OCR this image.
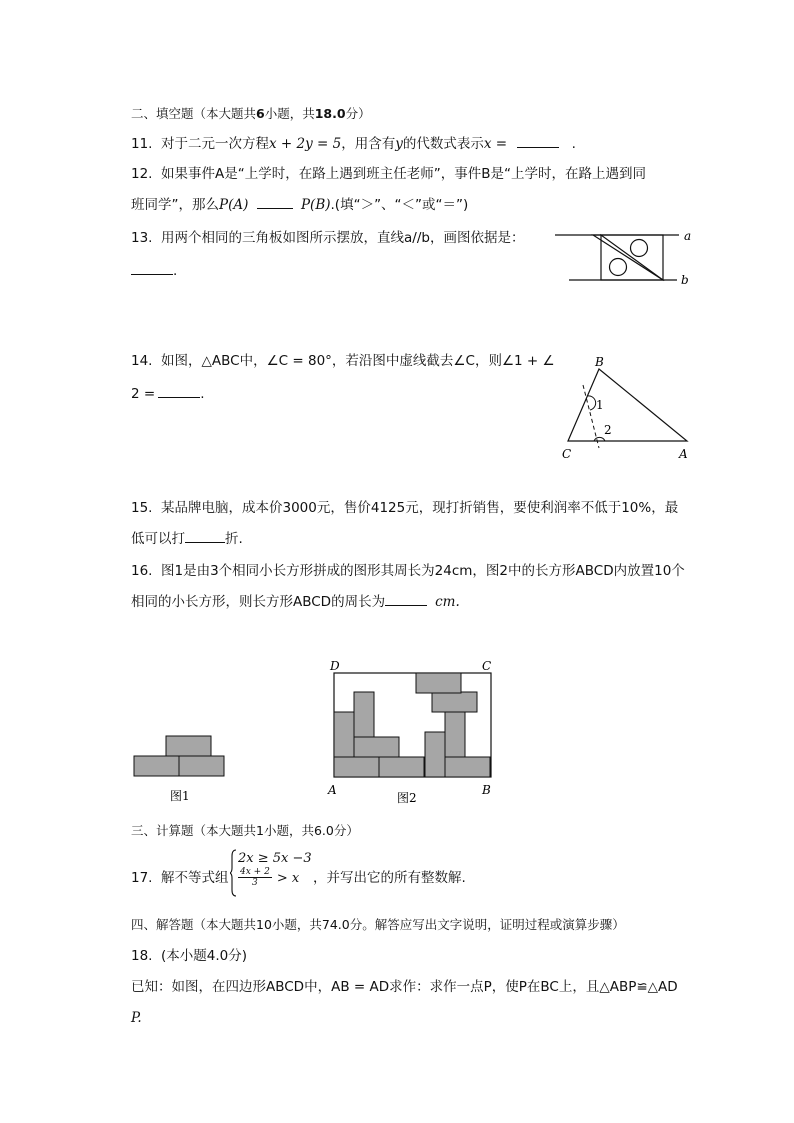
二、填空题（本大题共6小题，共18.0分）
11. 对于二元一次方程x + 2y = 5，用含有y的代数式表示x =	.
12. 如果事件A是“上学时，在路上遇到班主任老师”，事件B是“上学时，在路上遇到同
班同学”，那么P(A)	P(B).(填“＞”、“＜”或“＝”)
13. 用两个相同的三角板如图所示摆放，直线a//b，画图依据是：
.
a
b
14. 如图，△ABC中，∠C = 80°，若沿图中虚线截去∠C，则∠1 + ∠
2 =	.
B
C	A
1
2
15. 某品牌电脑，成本价3000元，售价4125元，现打折销售，要使利润率不低于10%，最
低可以打	折.
16. 图1是由3个相同小长方形拼成的图形其周长为24cm，图2中的长方形ABCD内放置10个
相同的小长方形，则长方形ABCD的周长为	cm.
图1
D	C
A	B
图2
三、计算题（本大题共1小题，共6.0分）
17. 解不等式组
2x ≥ 5x −3
$\frac{4x + 2}{3} > x$ ，并写出它的所有整数解.
四、解答题（本大题共10小题，共74.0分。解答应写出文字说明，证明过程或演算步骤）
18. (本小题4.0分)
已知：如图，在四边形ABCD中，AB = AD求作：求作一点P，使P在BC上，且△ABP≌△AD
P.
